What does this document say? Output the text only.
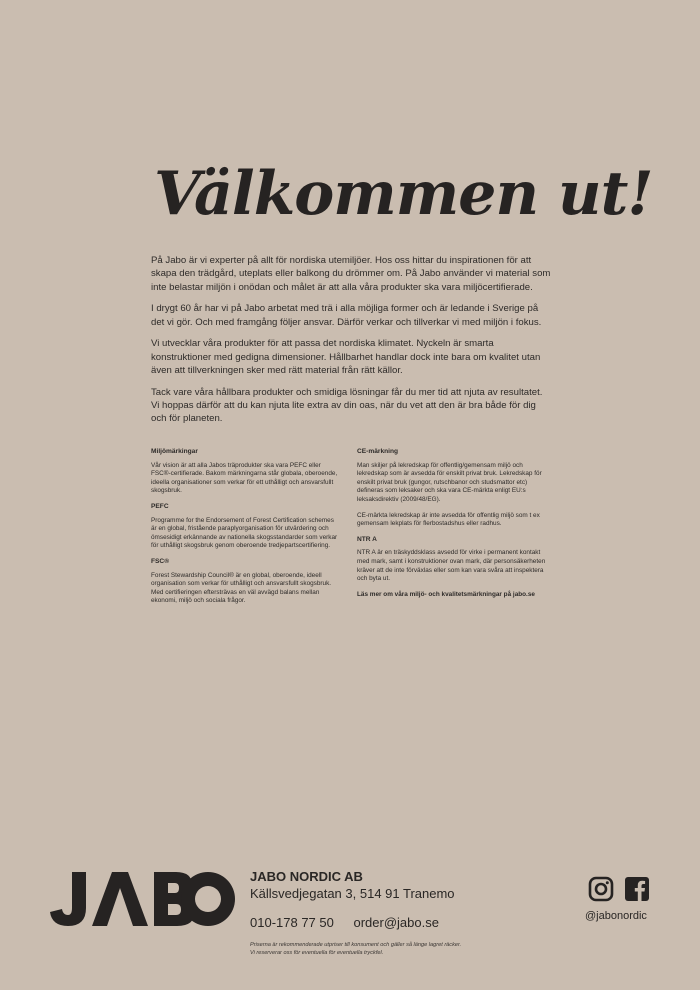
Välkommen ut!

På Jabo är vi experter på allt för nordiska utemiljöer. Hos oss hittar du inspirationen för att skapa den trädgård, uteplats eller balkong du drömmer om. På Jabo använder vi material som inte belastar miljön i onödan och målet är att alla våra produkter ska vara miljöcertifierade.

I drygt 60 år har vi på Jabo arbetat med trä i alla möjliga former och är ledande i Sverige på det vi gör. Och med framgång följer ansvar. Därför verkar och tillverkar vi med miljön i fokus.

Vi utvecklar våra produkter för att passa det nordiska klimatet. Nyckeln är smarta konstruktioner med gedigna dimensioner. Hållbarhet handlar dock inte bara om kvalitet utan även att tillverkningen sker med rätt material från rätt källor.

Tack vare våra hållbara produkter och smidiga lösningar får du mer tid att njuta av resultatet. Vi hoppas därför att du kan njuta lite extra av din oas, när du vet att den är bra både för dig och för planeten.

Miljömärkingar

Vår vision är att alla Jabos träprodukter ska vara PEFC eller FSC®-certifierade. Bakom märkningarna står globala, oberoende, ideella organisationer som verkar för ett uthålligt och ansvarsfullt skogsbruk.

PEFC

Programme for the Endorsement of Forest Certification schemes är en global, fristående paraplyorganisation för utvärdering och ömsesidigt erkännande av nationella skogsstandarder som verkar för uthålligt skogsbruk genom oberoende tredjepartscertifiering.

FSC®

Forest Stewardship Council® är en global, oberoende, ideell organisation som verkar för uthålligt och ansvarsfullt skogsbruk. Med certifieringen eftersträvas en väl avvägd balans mellan ekonomi, miljö och sociala frågor.

CE-märkning

Man skiljer på lekredskap för offentlig/gemensam miljö och lekredskap som är avsedda för enskilt privat bruk. Lekredskap för enskilt privat bruk (gungor, rutschbanor och studsmattor etc) defineras som leksaker och ska vara CE-märkta enligt EU:s leksaksdirektiv (2009/48/EG).

CE-märkta lekredskap är inte avsedda för offentlig miljö som t ex gemensam lekplats för flerbostadshus eller radhus.

NTR A

NTR A är en träskyddsklass avsedd för virke i permanent kontakt med mark, samt i konstruktioner ovan mark, där personsäkerheten kräver att de inte förväxlas eller som kan vara svåra att inspektera och byta ut.

Läs mer om våra miljö- och kvalitetsmärkningar på jabo.se

JABO NORDIC AB
Källsvedjegatan 3, 514 91 Tranemo
010-178 77 50 order@jabo.se
Priserna är rekommenderade utpriser till konsument och gäller så länge lagret räcker.
Vi reserverar oss för eventuella för eventuella tryckfel.
@jabonordic
